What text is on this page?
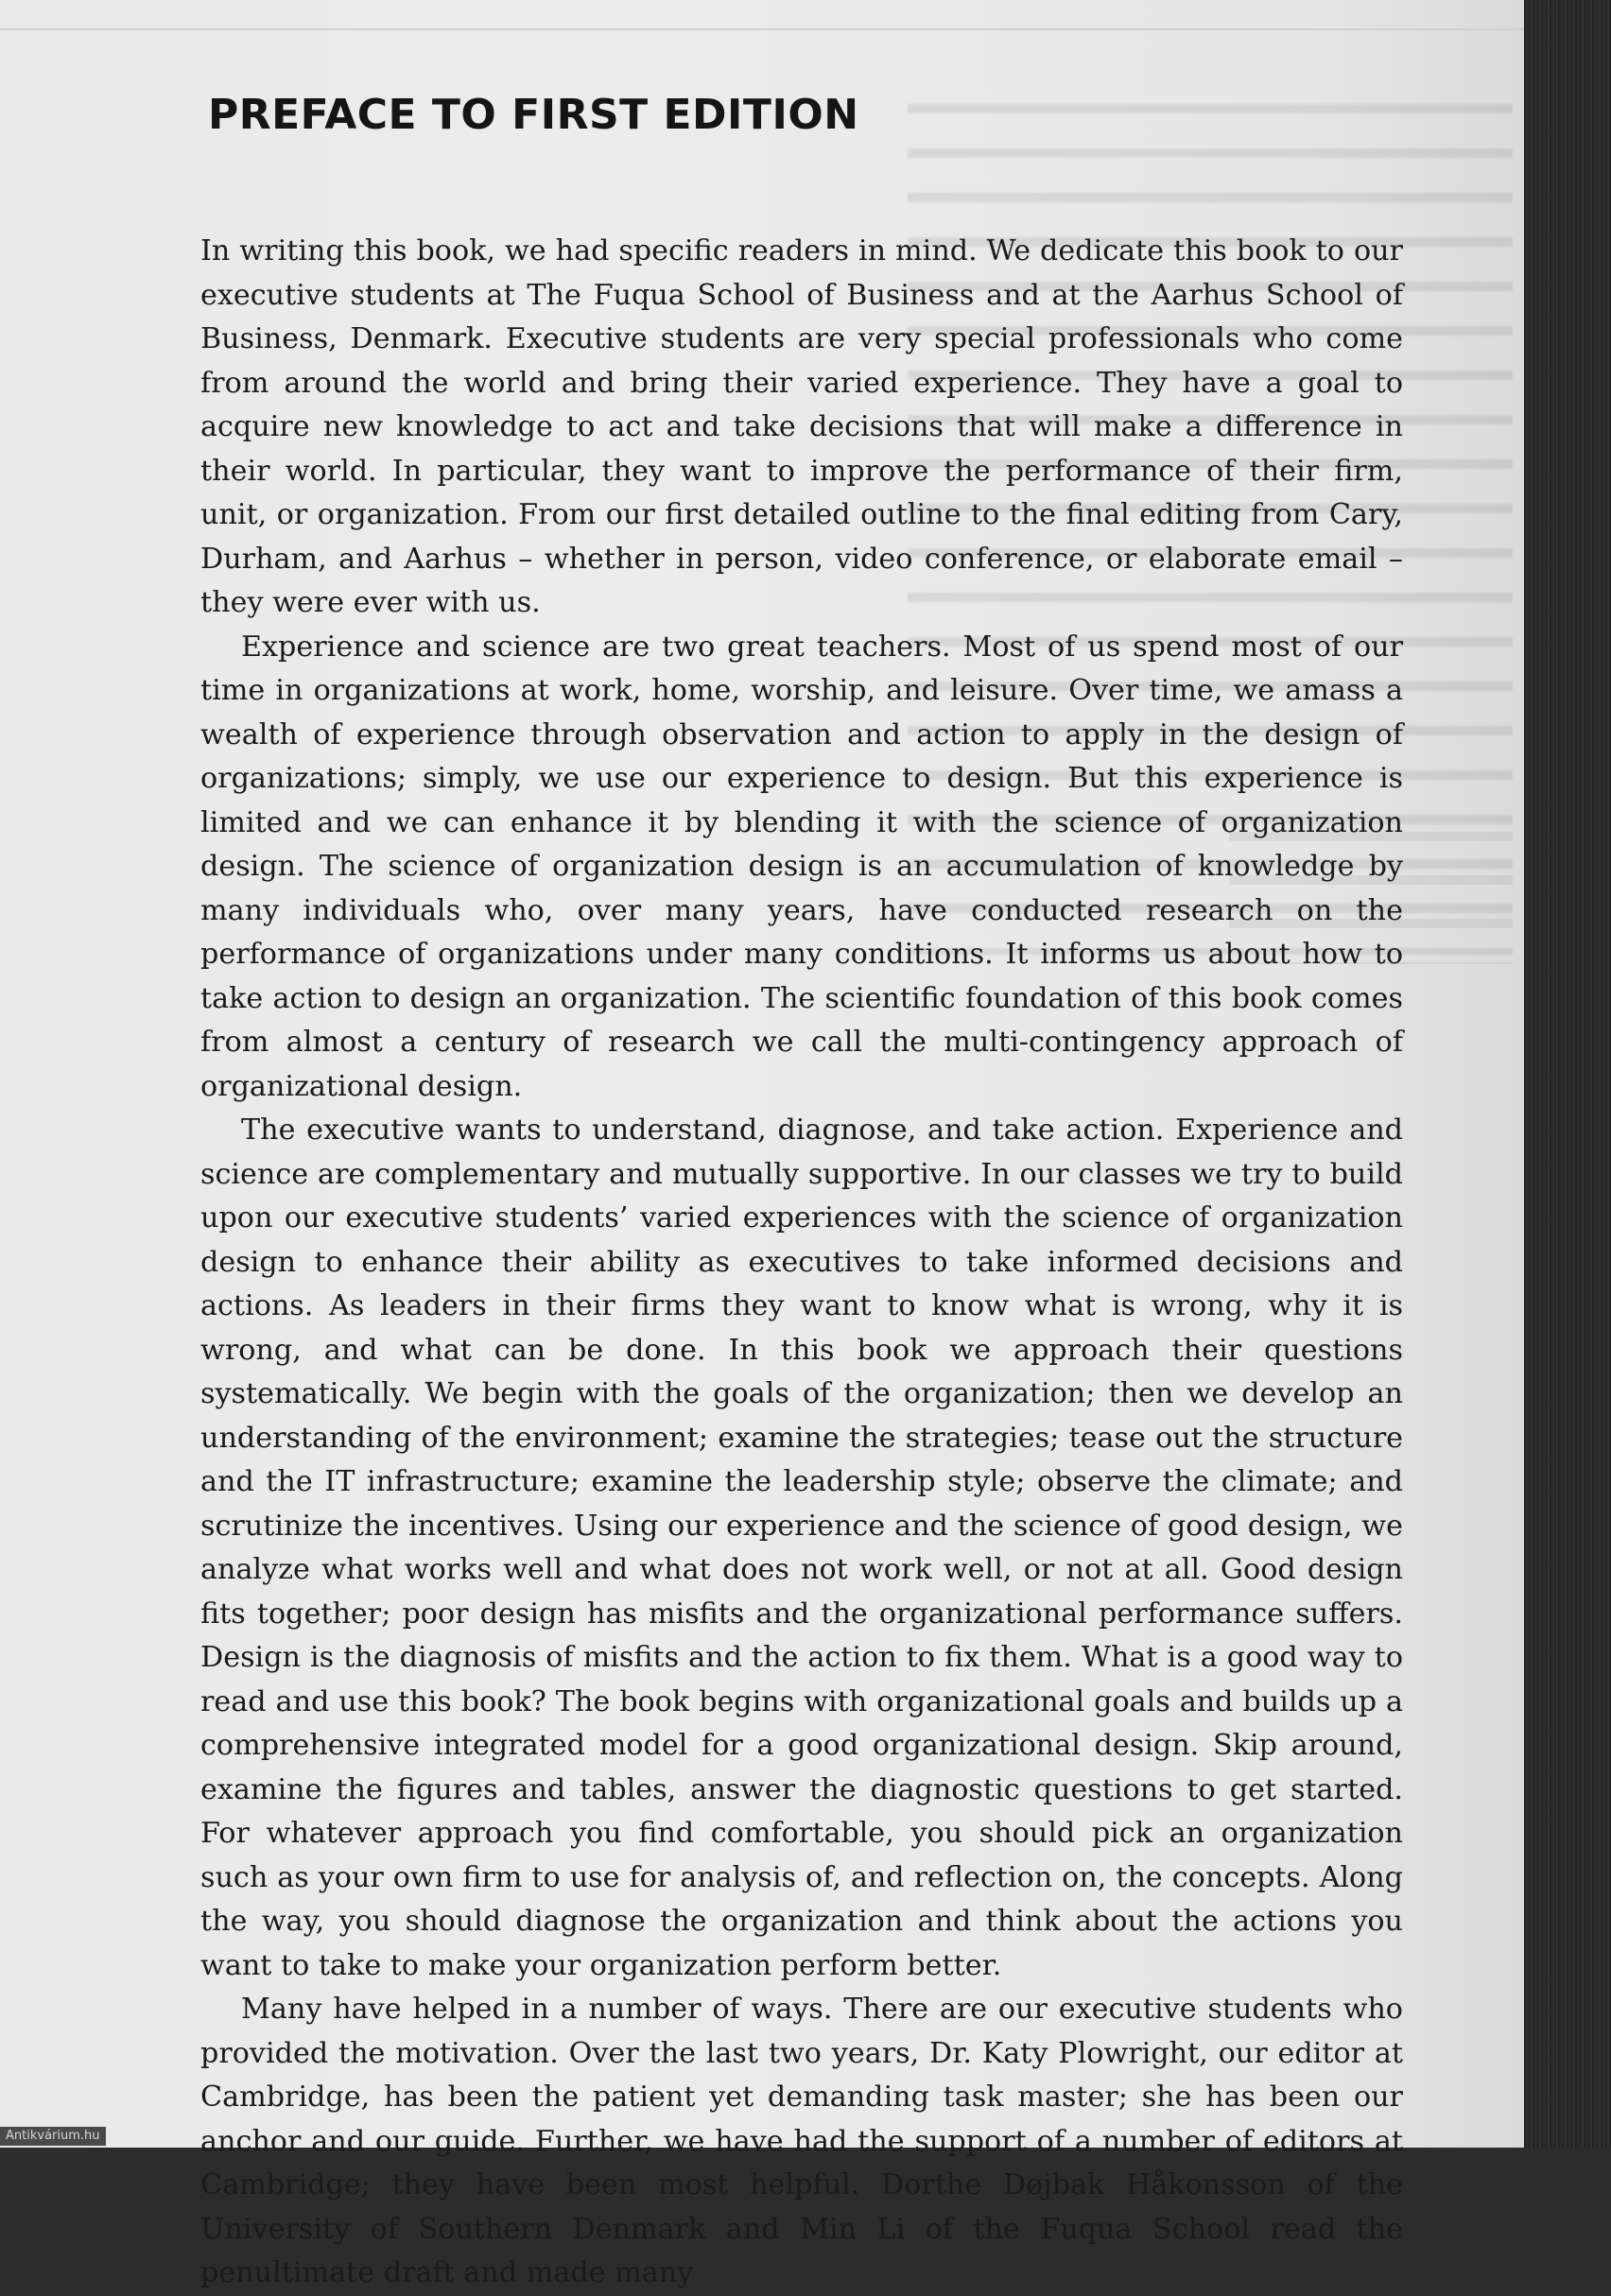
PREFACE TO FIRST EDITION

In writing this book, we had specific readers in mind. We dedicate this book to our executive students at The Fuqua School of Business and at the Aarhus School of Business, Denmark. Executive students are very special professionals who come from around the world and bring their varied experience. They have a goal to acquire new knowledge to act and take decisions that will make a difference in their world. In particular, they want to improve the performance of their firm, unit, or organization. From our first detailed outline to the final editing from Cary, Durham, and Aarhus – whether in person, video conference, or elaborate email – they were ever with us.

Experience and science are two great teachers. Most of us spend most of our time in organizations at work, home, worship, and leisure. Over time, we amass a wealth of experience through observation and action to apply in the design of organizations; simply, we use our experience to design. But this experience is limited and we can enhance it by blending it with the science of organization design. The science of organization design is an accumulation of knowledge by many individuals who, over many years, have conducted research on the performance of organizations under many conditions. It informs us about how to take action to design an organization. The scientific foundation of this book comes from almost a century of research we call the multi-contingency approach of organizational design.

The executive wants to understand, diagnose, and take action. Experience and science are complementary and mutually supportive. In our classes we try to build upon our executive students’ varied experiences with the science of organization design to enhance their ability as executives to take informed decisions and actions. As leaders in their firms they want to know what is wrong, why it is wrong, and what can be done. In this book we approach their questions systematically. We begin with the goals of the organization; then we develop an understanding of the environment; examine the strategies; tease out the structure and the IT infrastructure; examine the leadership style; observe the climate; and scrutinize the incentives. Using our experience and the science of good design, we analyze what works well and what does not work well, or not at all. Good design fits together; poor design has misfits and the organizational performance suffers. Design is the diagnosis of misfits and the action to fix them. What is a good way to read and use this book? The book begins with organizational goals and builds up a comprehensive integrated model for a good organizational design. Skip around, examine the figures and tables, answer the diagnostic questions to get started. For whatever approach you find comfortable, you should pick an organization such as your own firm to use for analysis of, and reflection on, the concepts. Along the way, you should diagnose the organization and think about the actions you want to take to make your organization perform better.

Many have helped in a number of ways. There are our executive students who provided the motivation. Over the last two years, Dr. Katy Plowright, our editor at Cambridge, has been the patient yet demanding task master; she has been our anchor and our guide. Further, we have had the support of a number of editors at Cambridge; they have been most helpful. Dorthe Døjbak Håkonsson of the University of Southern Denmark and Min Li of the Fuqua School read the penultimate draft and made many

Antikvárium.hu
